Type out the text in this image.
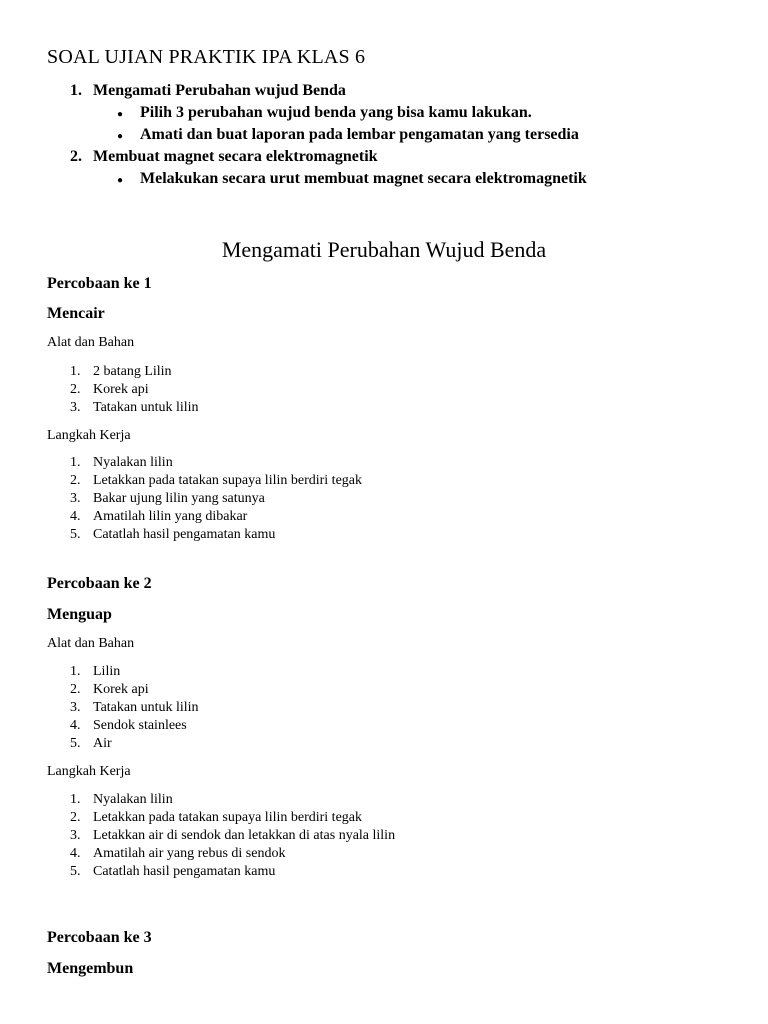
SOAL UJIAN PRAKTIK IPA KLAS 6
1. Mengamati Perubahan wujud Benda
● Pilih 3 perubahan wujud benda yang bisa kamu lakukan.
● Amati dan buat laporan pada lembar pengamatan yang tersedia
2. Membuat magnet secara elektromagnetik
● Melakukan secara urut membuat magnet secara elektromagnetik
Mengamati Perubahan Wujud Benda
Percobaan ke 1
Mencair
Alat dan Bahan
1. 2 batang Lilin
2. Korek api
3. Tatakan untuk lilin
Langkah Kerja
1. Nyalakan lilin
2. Letakkan pada tatakan supaya lilin berdiri tegak
3. Bakar ujung lilin yang satunya
4. Amatilah lilin yang dibakar
5. Catatlah hasil pengamatan kamu
Percobaan ke 2
Menguap
Alat dan Bahan
1. Lilin
2. Korek api
3. Tatakan untuk lilin
4. Sendok stainlees
5. Air
Langkah Kerja
1. Nyalakan lilin
2. Letakkan pada tatakan supaya lilin berdiri tegak
3. Letakkan air di sendok dan letakkan di atas nyala lilin
4. Amatilah air yang rebus di sendok
5. Catatlah hasil pengamatan kamu
Percobaan ke 3
Mengembun
